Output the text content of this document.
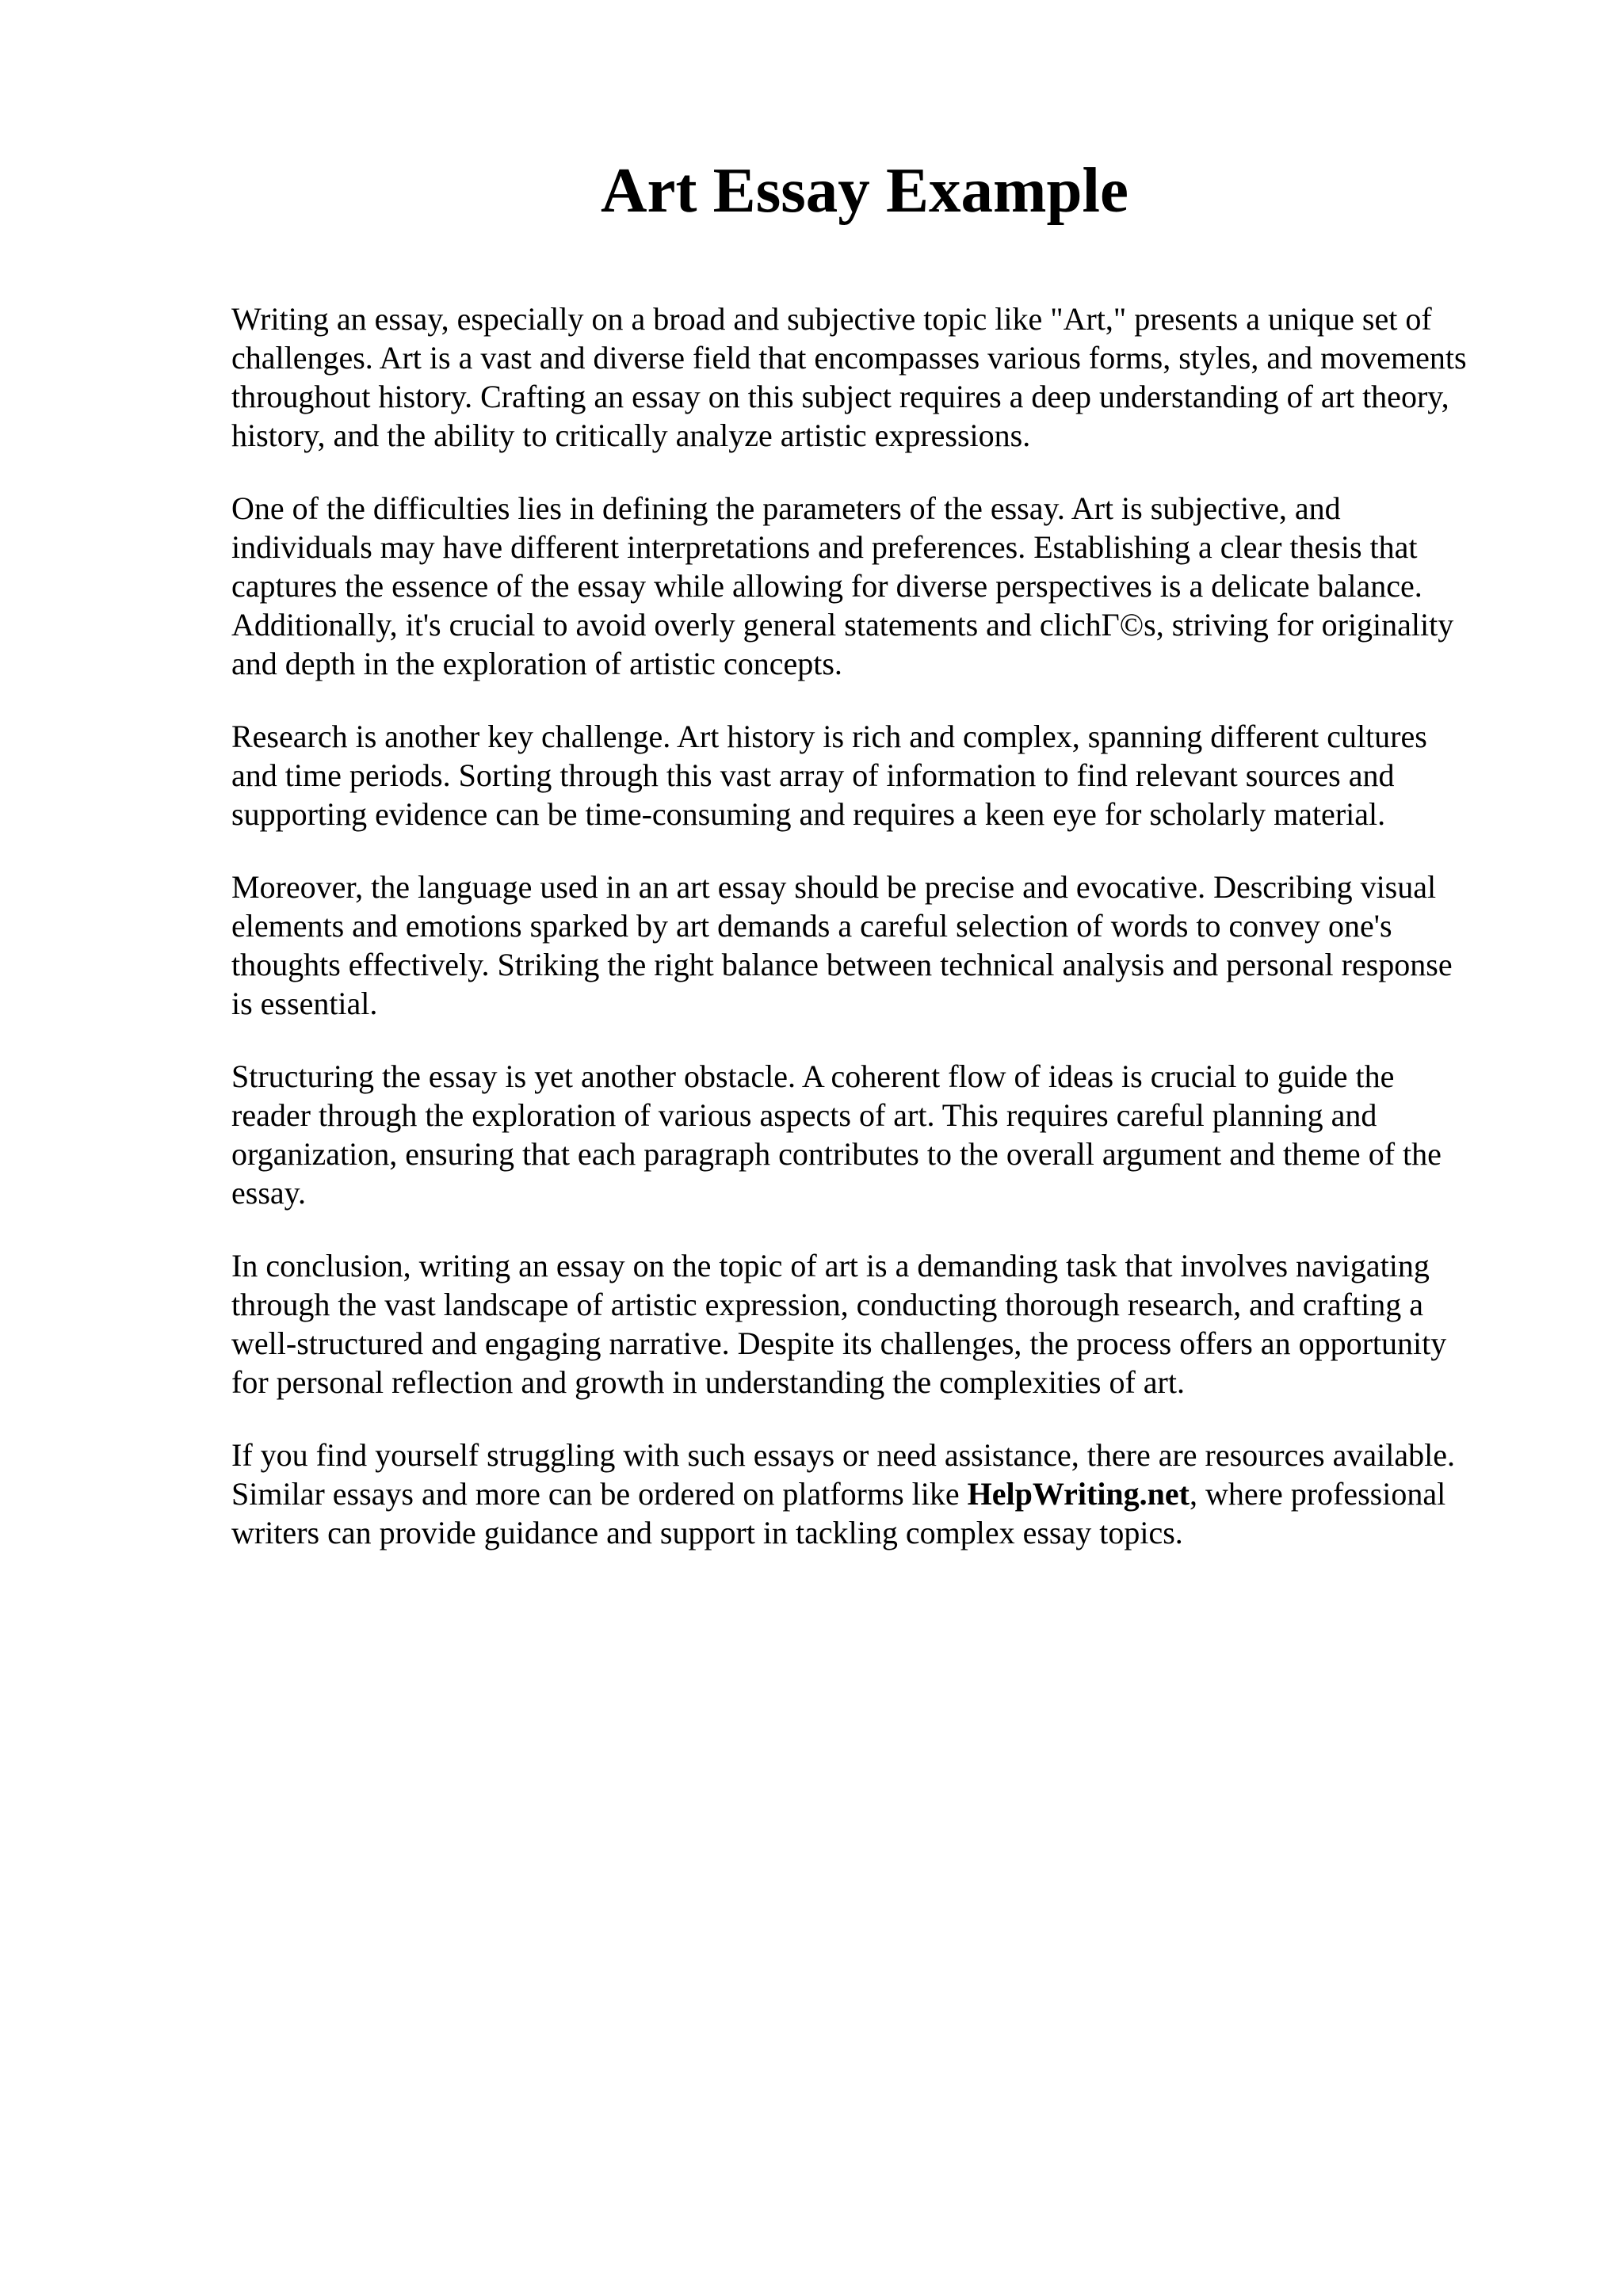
Art Essay Example

Writing an essay, especially on a broad and subjective topic like "Art," presents a unique set of
challenges. Art is a vast and diverse field that encompasses various forms, styles, and movements
throughout history. Crafting an essay on this subject requires a deep understanding of art theory,
history, and the ability to critically analyze artistic expressions.

One of the difficulties lies in defining the parameters of the essay. Art is subjective, and
individuals may have different interpretations and preferences. Establishing a clear thesis that
captures the essence of the essay while allowing for diverse perspectives is a delicate balance.
Additionally, it's crucial to avoid overly general statements and clichΓ©s, striving for originality
and depth in the exploration of artistic concepts.

Research is another key challenge. Art history is rich and complex, spanning different cultures
and time periods. Sorting through this vast array of information to find relevant sources and
supporting evidence can be time-consuming and requires a keen eye for scholarly material.

Moreover, the language used in an art essay should be precise and evocative. Describing visual
elements and emotions sparked by art demands a careful selection of words to convey one's
thoughts effectively. Striking the right balance between technical analysis and personal response
is essential.

Structuring the essay is yet another obstacle. A coherent flow of ideas is crucial to guide the
reader through the exploration of various aspects of art. This requires careful planning and
organization, ensuring that each paragraph contributes to the overall argument and theme of the
essay.

In conclusion, writing an essay on the topic of art is a demanding task that involves navigating
through the vast landscape of artistic expression, conducting thorough research, and crafting a
well-structured and engaging narrative. Despite its challenges, the process offers an opportunity
for personal reflection and growth in understanding the complexities of art.

If you find yourself struggling with such essays or need assistance, there are resources available.
Similar essays and more can be ordered on platforms like HelpWriting.net, where professional
writers can provide guidance and support in tackling complex essay topics.
